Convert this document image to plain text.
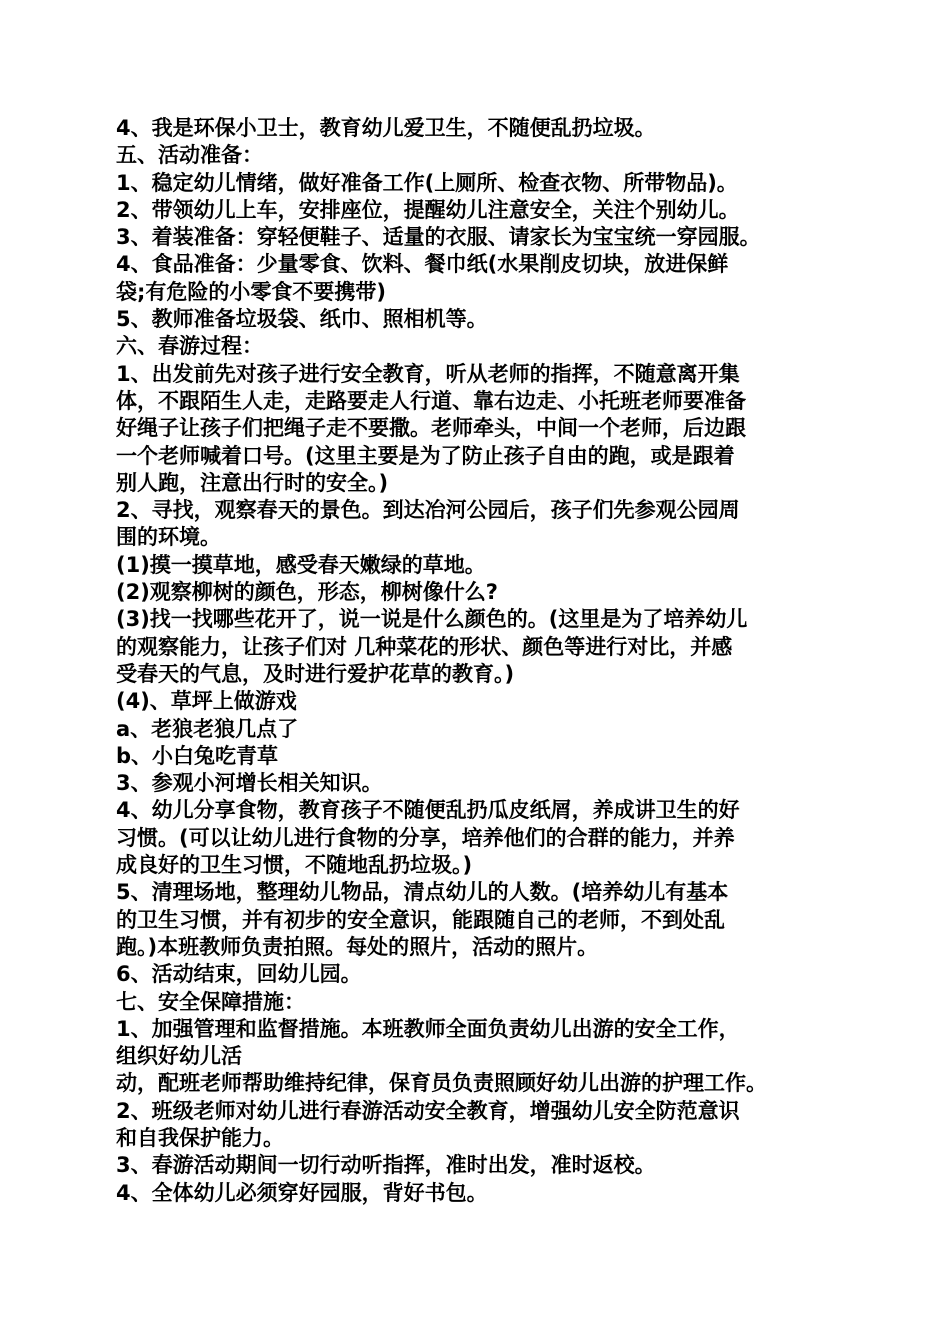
4、我是环保小卫士，教育幼儿爱卫生，不随便乱扔垃圾。
五、活动准备：
1、稳定幼儿情绪，做好准备工作(上厕所、检查衣物、所带物品)。
2、带领幼儿上车，安排座位，提醒幼儿注意安全，关注个别幼儿。
3、着装准备：穿轻便鞋子、适量的衣服、请家长为宝宝统一穿园服。
4、食品准备：少量零食、饮料、餐巾纸(水果削皮切块，放进保鲜
袋;有危险的小零食不要携带)
5、教师准备垃圾袋、纸巾、照相机等。
六、春游过程：
1、出发前先对孩子进行安全教育，听从老师的指挥，不随意离开集
体，不跟陌生人走，走路要走人行道、靠右边走、小托班老师要准备
好绳子让孩子们把绳子走不要撒。老师牵头，中间一个老师，后边跟
一个老师喊着口号。(这里主要是为了防止孩子自由的跑，或是跟着
别人跑，注意出行时的安全。)
2、寻找，观察春天的景色。到达冶河公园后，孩子们先参观公园周
围的环境。
(1)摸一摸草地，感受春天嫩绿的草地。
(2)观察柳树的颜色，形态，柳树像什么?
(3)找一找哪些花开了，说一说是什么颜色的。(这里是为了培养幼儿
的观察能力，让孩子们对 几种菜花的形状、颜色等进行对比，并感
受春天的气息，及时进行爱护花草的教育。)
(4)、草坪上做游戏
a、老狼老狼几点了
b、小白兔吃青草
3、参观小河增长相关知识。
4、幼儿分享食物，教育孩子不随便乱扔瓜皮纸屑，养成讲卫生的好
习惯。(可以让幼儿进行食物的分享，培养他们的合群的能力，并养
成良好的卫生习惯，不随地乱扔垃圾。)
5、清理场地，整理幼儿物品，清点幼儿的人数。(培养幼儿有基本
的卫生习惯，并有初步的安全意识，能跟随自己的老师，不到处乱
跑。)本班教师负责拍照。每处的照片，活动的照片。
6、活动结束，回幼儿园。
七、安全保障措施：
1、加强管理和监督措施。本班教师全面负责幼儿出游的安全工作，
组织好幼儿活
动，配班老师帮助维持纪律，保育员负责照顾好幼儿出游的护理工作。
2、班级老师对幼儿进行春游活动安全教育，增强幼儿安全防范意识
和自我保护能力。
3、春游活动期间一切行动听指挥，准时出发，准时返校。
4、全体幼儿必须穿好园服，背好书包。
